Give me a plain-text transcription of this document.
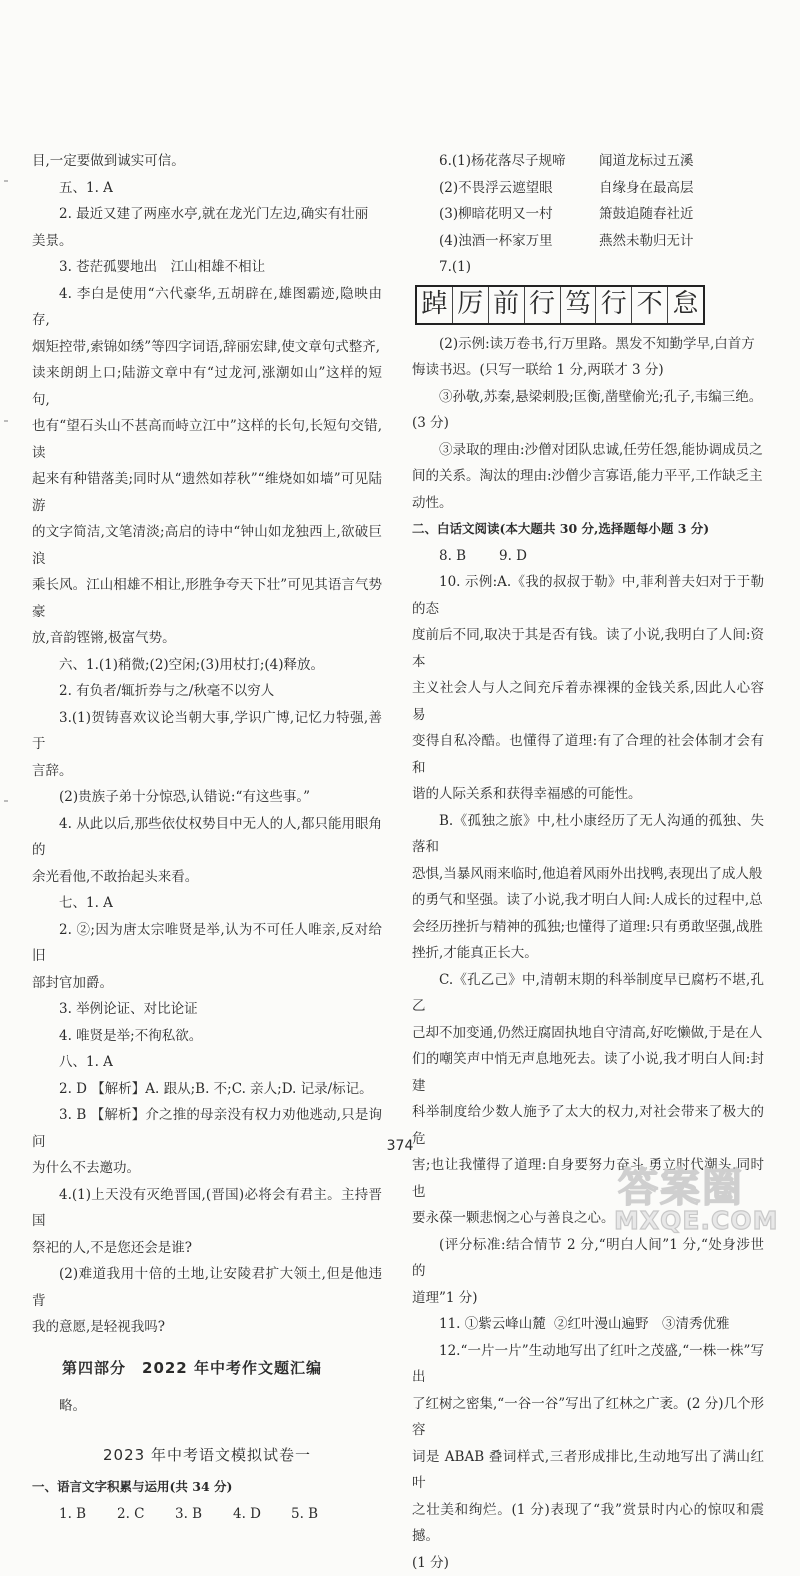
目,一定要做到诚实可信。

五、1. A

2. 最近又建了两座水亭,就在龙光门左边,确实有壮丽

美景。

3. 苍茫孤婴地出　江山相雄不相让

4. 李白是使用“六代豪华,五胡辟在,雄图霸迹,隐映由存,

烟矩控带,索锦如绣”等四字词语,辞丽宏肆,使文章句式整齐,

读来朗朗上口;陆游文章中有“过龙河,涨潮如山”这样的短句,

也有“望石头山不甚高而峙立江中”这样的长句,长短句交错,读

起来有种错落美;同时从“遗然如荐秋”“维烧如如墙”可见陆游

的文字简洁,文笔清淡;高启的诗中“钟山如龙独西上,欲破巨浪

乘长风。江山相雄不相让,形胜争夸天下壮”可见其语言气势豪

放,音韵铿锵,极富气势。

六、1.(1)稍微;(2)空闲;(3)用杖打;(4)释放。

2. 有负者/辄折券与之/秋毫不以穷人

3.(1)贺铸喜欢议论当朝大事,学识广博,记忆力特强,善于

言辞。

(2)贵族子弟十分惊恐,认错说:“有这些事。”

4. 从此以后,那些依仗权势目中无人的人,都只能用眼角的

余光看他,不敢抬起头来看。

七、1. A

2. ②;因为唐太宗唯贤是举,认为不可任人唯亲,反对给旧

部封官加爵。

3. 举例论证、对比论证

4. 唯贤是举;不徇私欲。

八、1. A

2. D 【解析】A. 跟从;B. 不;C. 亲人;D. 记录/标记。

3. B 【解析】介之推的母亲没有权力劝他逃动,只是询问

为什么不去邀功。

4.(1)上天没有灭绝晋国,(晋国)必将会有君主。主持晋国

祭祀的人,不是您还会是谁?

(2)难道我用十倍的土地,让安陵君扩大领土,但是他违背

我的意愿,是轻视我吗?

第四部分　2022 年中考作文题汇编

略。

2023 年中考语文模拟试卷一

一、语言文字积累与运用(共 34 分)

1. B	2. C	3. B	4. D	5. B
6.(1)杨花落尽子规啼	闻道龙标过五溪
(2)不畏浮云遮望眼	自缘身在最高层
(3)柳暗花明又一村	箫鼓追随春社近
(4)浊酒一杯家万里	燕然未勒归无计

7.(1)

踔 厉 前 行 笃 行 不 怠

(2)示例:读万卷书,行万里路。黑发不知勤学早,白首方

悔读书迟。(只写一联给 1 分,两联才 3 分)

③孙敬,苏秦,悬梁刺股;匡衡,凿壁偷光;孔子,韦编三绝。

(3 分)

③录取的理由:沙僧对团队忠诚,任劳任怨,能协调成员之

间的关系。淘汰的理由:沙僧少言寡语,能力平平,工作缺乏主

动性。

二、白话文阅读(本大题共 30 分,选择题每小题 3 分)

8. B	9. D

10. 示例:A.《我的叔叔于勒》中,菲利普夫妇对于于勒的态

度前后不同,取决于其是否有钱。读了小说,我明白了人间:资本

主义社会人与人之间充斥着赤裸裸的金钱关系,因此人心容易

变得自私冷酷。也懂得了道理:有了合理的社会体制才会有和

谐的人际关系和获得幸福感的可能性。

B.《孤独之旅》中,杜小康经历了无人沟通的孤独、失落和

恐惧,当暴风雨来临时,他追着风雨外出找鸭,表现出了成人般

的勇气和坚强。读了小说,我才明白人间:人成长的过程中,总

会经历挫折与精神的孤独;也懂得了道理:只有勇敢坚强,战胜

挫折,才能真正长大。

C.《孔乙己》中,清朝末期的科举制度早已腐朽不堪,孔乙

己却不加变通,仍然迂腐固执地自守清高,好吃懒做,于是在人

们的嘲笑声中悄无声息地死去。读了小说,我才明白人间:封建

科举制度给少数人施予了太大的权力,对社会带来了极大的危

害;也让我懂得了道理:自身要努力奋斗,勇立时代潮头,同时也

要永葆一颗悲悯之心与善良之心。

(评分标准:结合情节 2 分,“明白人间”1 分,“处身涉世的

道理”1 分)

11. ①紫云峰山麓 ②红叶漫山遍野	③清秀优雅

12.“一片一片”生动地写出了红叶之茂盛,“一株一株”写出

了红树之密集,“一谷一谷”写出了红林之广袤。(2 分)几个形容

词是 ABAB 叠词样式,三者形成排比,生动地写出了满山红叶

之壮美和绚烂。(1 分)表现了“我”赏景时内心的惊叹和震撼。

(1 分)

374
答案圈
MXQE.COM
